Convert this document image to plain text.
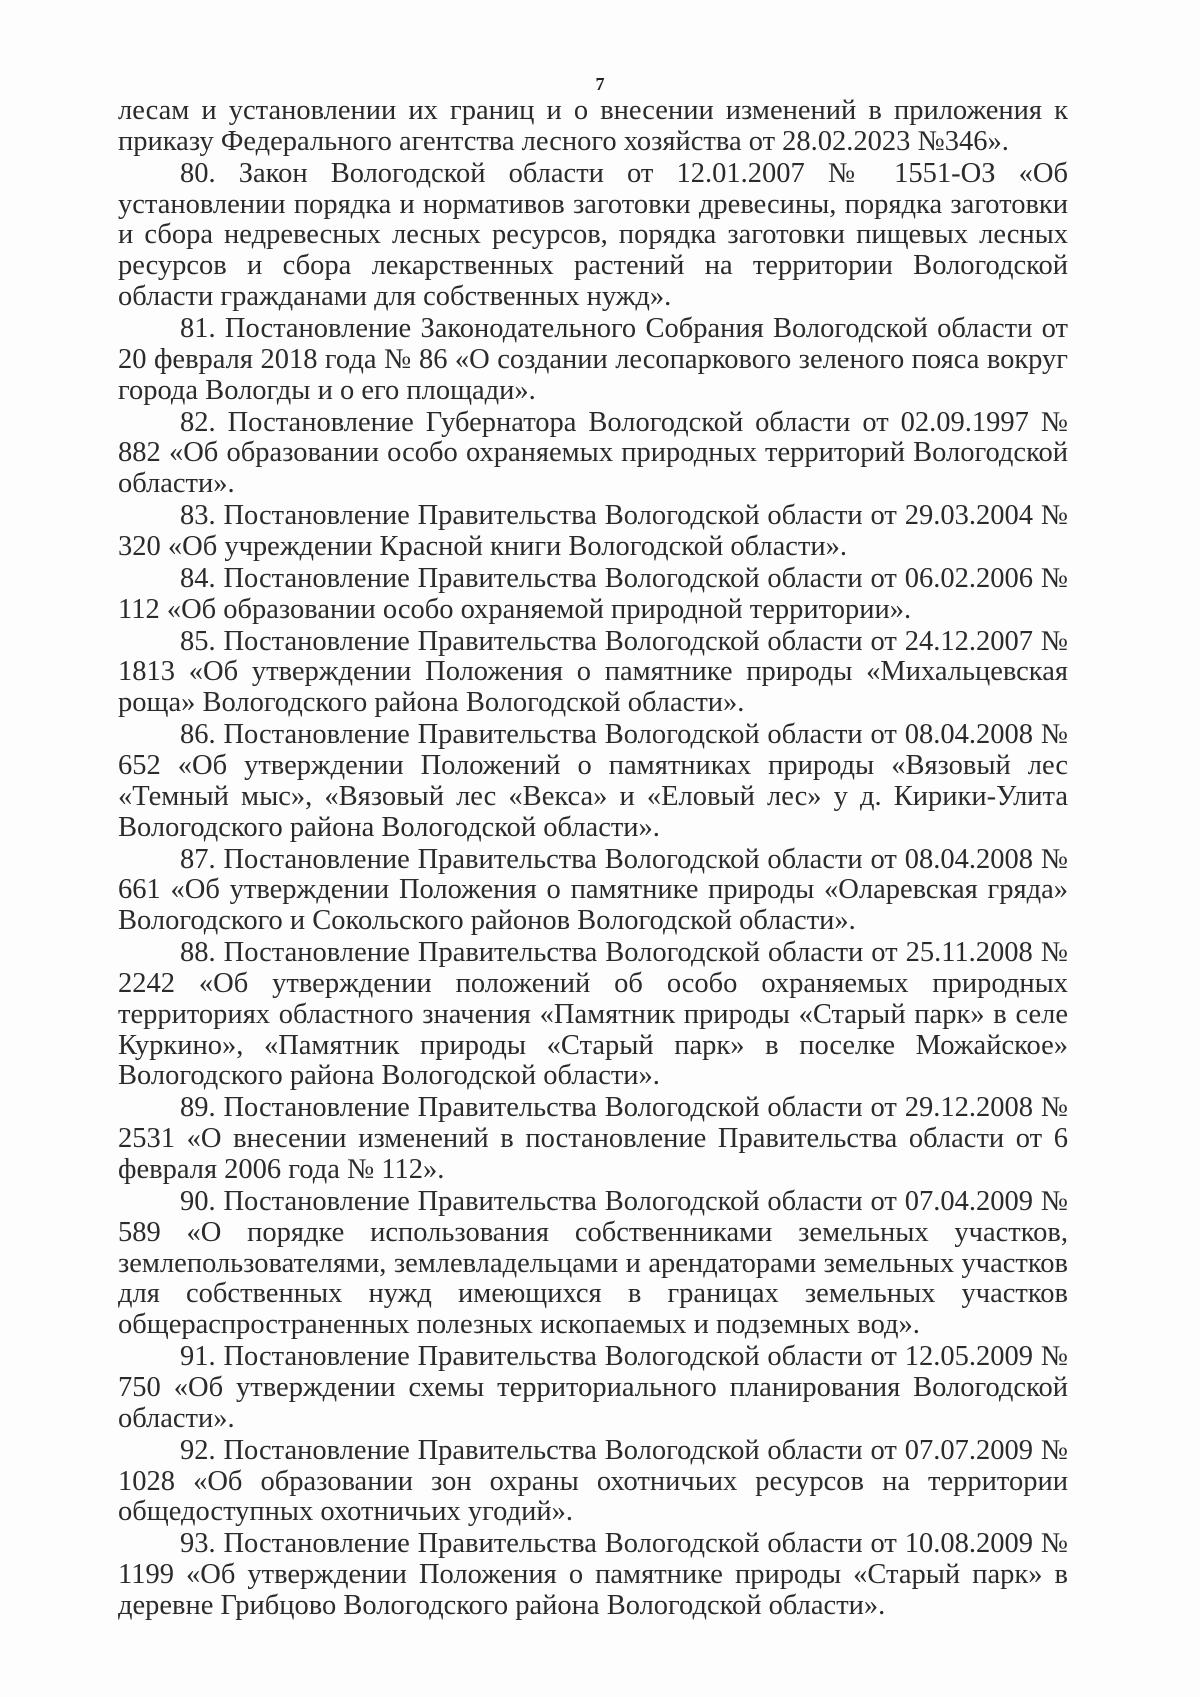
7

лесам и установлении их границ и о внесении изменений в приложения к приказу Федерального агентства лесного хозяйства от 28.02.2023 №346».

80. Закон Вологодской области от 12.01.2007 № 1551-ОЗ «Об установлении порядка и нормативов заготовки древесины, порядка заготовки и сбора недревесных лесных ресурсов, порядка заготовки пищевых лесных ресурсов и сбора лекарственных растений на территории Вологодской области гражданами для собственных нужд».

81. Постановление Законодательного Собрания Вологодской области от 20 февраля 2018 года № 86 «О создании лесопаркового зеленого пояса вокруг города Вологды и о его площади».

82. Постановление Губернатора Вологодской области от 02.09.1997 № 882 «Об образовании особо охраняемых природных территорий Вологодской области».

83. Постановление Правительства Вологодской области от 29.03.2004 № 320 «Об учреждении Красной книги Вологодской области».

84. Постановление Правительства Вологодской области от 06.02.2006 № 112 «Об образовании особо охраняемой природной территории».

85. Постановление Правительства Вологодской области от 24.12.2007 № 1813 «Об утверждении Положения о памятнике природы «Михальцевская роща» Вологодского района Вологодской области».

86. Постановление Правительства Вологодской области от 08.04.2008 № 652 «Об утверждении Положений о памятниках природы «Вязовый лес «Темный мыс», «Вязовый лес «Векса» и «Еловый лес» у д. Кирики-Улита Вологодского района Вологодской области».

87. Постановление Правительства Вологодской области от 08.04.2008 № 661 «Об утверждении Положения о памятнике природы «Оларевская гряда» Вологодского и Сокольского районов Вологодской области».

88. Постановление Правительства Вологодской области от 25.11.2008 № 2242 «Об утверждении положений об особо охраняемых природных территориях областного значения «Памятник природы «Старый парк» в селе Куркино», «Памятник природы «Старый парк» в поселке Можайское» Вологодского района Вологодской области».

89. Постановление Правительства Вологодской области от 29.12.2008 № 2531 «О внесении изменений в постановление Правительства области от 6 февраля 2006 года № 112».

90. Постановление Правительства Вологодской области от 07.04.2009 № 589 «О порядке использования собственниками земельных участков, землепользователями, землевладельцами и арендаторами земельных участков для собственных нужд имеющихся в границах земельных участков общераспространенных полезных ископаемых и подземных вод».

91. Постановление Правительства Вологодской области от 12.05.2009 № 750 «Об утверждении схемы территориального планирования Вологодской области».

92. Постановление Правительства Вологодской области от 07.07.2009 № 1028 «Об образовании зон охраны охотничьих ресурсов на территории общедоступных охотничьих угодий».

93. Постановление Правительства Вологодской области от 10.08.2009 № 1199 «Об утверждении Положения о памятнике природы «Старый парк» в деревне Грибцово Вологодского района Вологодской области».
